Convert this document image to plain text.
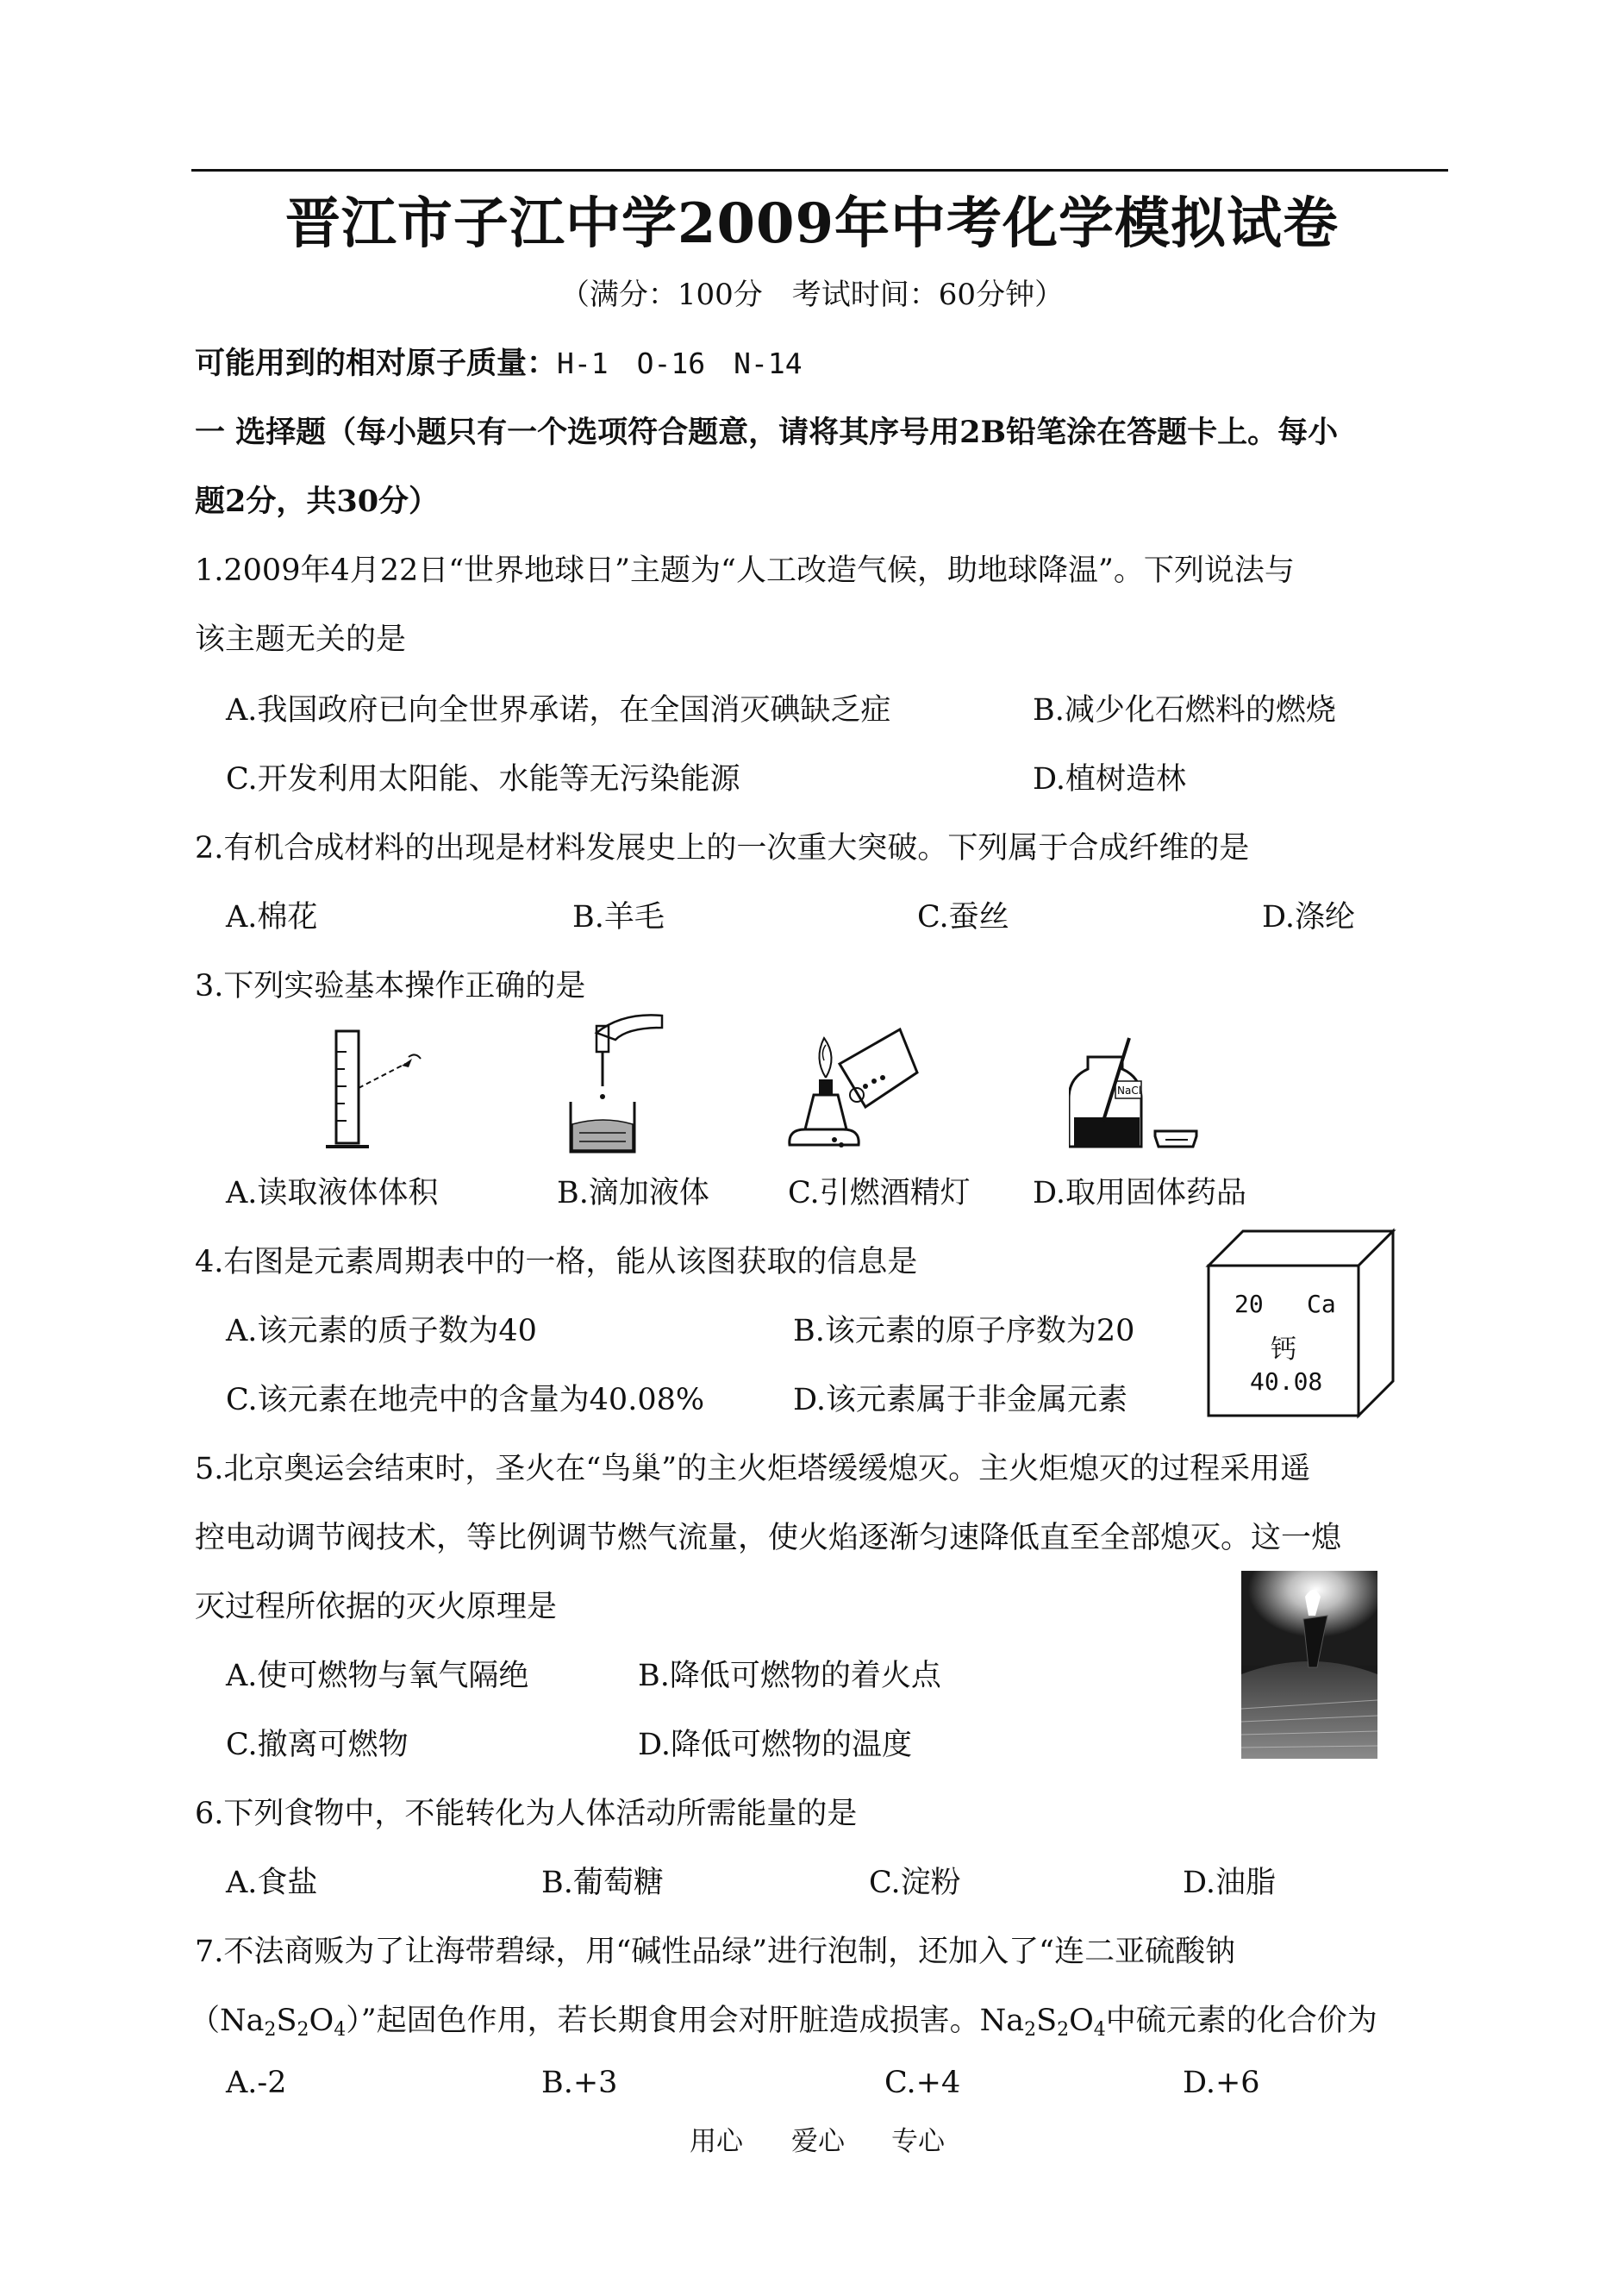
晋江市子江中学2009年中考化学模拟试卷
（满分：100分　考试时间：60分钟）
可能用到的相对原子质量：H-1　O-16　N-14
一 选择题（每小题只有一个选项符合题意，请将其序号用2B铅笔涂在答题卡上。每小
题2分，共30分）
1.2009年4月22日“世界地球日”主题为“人工改造气候，助地球降温”。下列说法与
该主题无关的是
A.我国政府已向全世界承诺，在全国消灭碘缺乏症	B.减少化石燃料的燃烧
C.开发利用太阳能、水能等无污染能源	D.植树造林
2.有机合成材料的出现是材料发展史上的一次重大突破。下列属于合成纤维的是
A.棉花	B.羊毛	C.蚕丝	D.涤纶
3.下列实验基本操作正确的是
NaCl
A.读取液体体积	B.滴加液体	C.引燃酒精灯 D.取用固体药品
4.右图是元素周期表中的一格，能从该图获取的信息是
A.该元素的质子数为40	B.该元素的原子序数为20
C.该元素在地壳中的含量为40.08%	D.该元素属于非金属元素
20 Ca
钙
40.08
5.北京奥运会结束时，圣火在“鸟巢”的主火炬塔缓缓熄灭。主火炬熄灭的过程采用遥
控电动调节阀技术，等比例调节燃气流量，使火焰逐渐匀速降低直至全部熄灭。这一熄
灭过程所依据的灭火原理是
A.使可燃物与氧气隔绝	B.降低可燃物的着火点
C.撤离可燃物	D.降低可燃物的温度
6.下列食物中，不能转化为人体活动所需能量的是
A.食盐	B.葡萄糖	C.淀粉	D.油脂
7.不法商贩为了让海带碧绿，用“碱性品绿”进行泡制，还加入了“连二亚硫酸钠
$(Na_2S_2O_4)$”起固色作用，若长期食用会对肝脏造成损害。$Na_2S_2O_4$中硫元素的化合价为
A.-2	B.+3	C.+4	D.+6
用心 爱心 专心
